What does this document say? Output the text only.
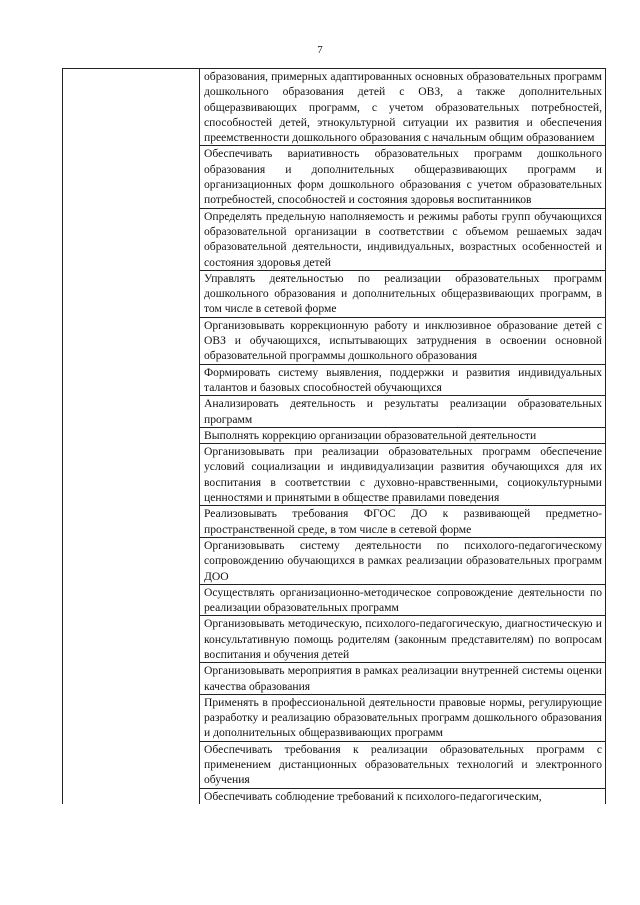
7
образования, примерных адаптированных основных образовательных программ дошкольного образования детей с ОВЗ, а также дополнительных общеразвивающих программ, с учетом образовательных потребностей, способностей детей, этнокультурной ситуации их развития и обеспечения преемственности дошкольного образования с начальным общим образованием
Обеспечивать вариативность образовательных программ дошкольного образования и дополнительных общеразвивающих программ и организационных форм дошкольного образования с учетом образовательных потребностей, способностей и состояния здоровья воспитанников
Определять предельную наполняемость и режимы работы групп обучающихся образовательной организации в соответствии с объемом решаемых задач образовательной деятельности, индивидуальных, возрастных особенностей и состояния здоровья детей
Управлять деятельностью по реализации образовательных программ дошкольного образования и дополнительных общеразвивающих программ, в том числе в сетевой форме
Организовывать коррекционную работу и инклюзивное образование детей с ОВЗ и обучающихся, испытывающих затруднения в освоении основной образовательной программы дошкольного образования
Формировать систему выявления, поддержки и развития индивидуальных талантов и базовых способностей обучающихся
Анализировать деятельность и результаты реализации образовательных программ
Выполнять коррекцию организации образовательной деятельности
Организовывать при реализации образовательных программ обеспечение условий социализации и индивидуализации развития обучающихся для их воспитания в соответствии с духовно-нравственными, социокультурными ценностями и принятыми в обществе правилами поведения
Реализовывать требования ФГОС ДО к развивающей предметно-пространственной среде, в том числе в сетевой форме
Организовывать систему деятельности по психолого-педагогическому сопровождению обучающихся в рамках реализации образовательных программ ДОО
Осуществлять организационно-методическое сопровождение деятельности по реализации образовательных программ
Организовывать методическую, психолого-педагогическую, диагностическую и консультативную помощь родителям (законным представителям) по вопросам воспитания и обучения детей
Организовывать мероприятия в рамках реализации внутренней системы оценки качества образования
Применять в профессиональной деятельности правовые нормы, регулирующие разработку и реализацию образовательных программ дошкольного образования и дополнительных общеразвивающих программ
Обеспечивать требования к реализации образовательных программ с применением дистанционных образовательных технологий и электронного обучения
Обеспечивать соблюдение требований к психолого-педагогическим,
